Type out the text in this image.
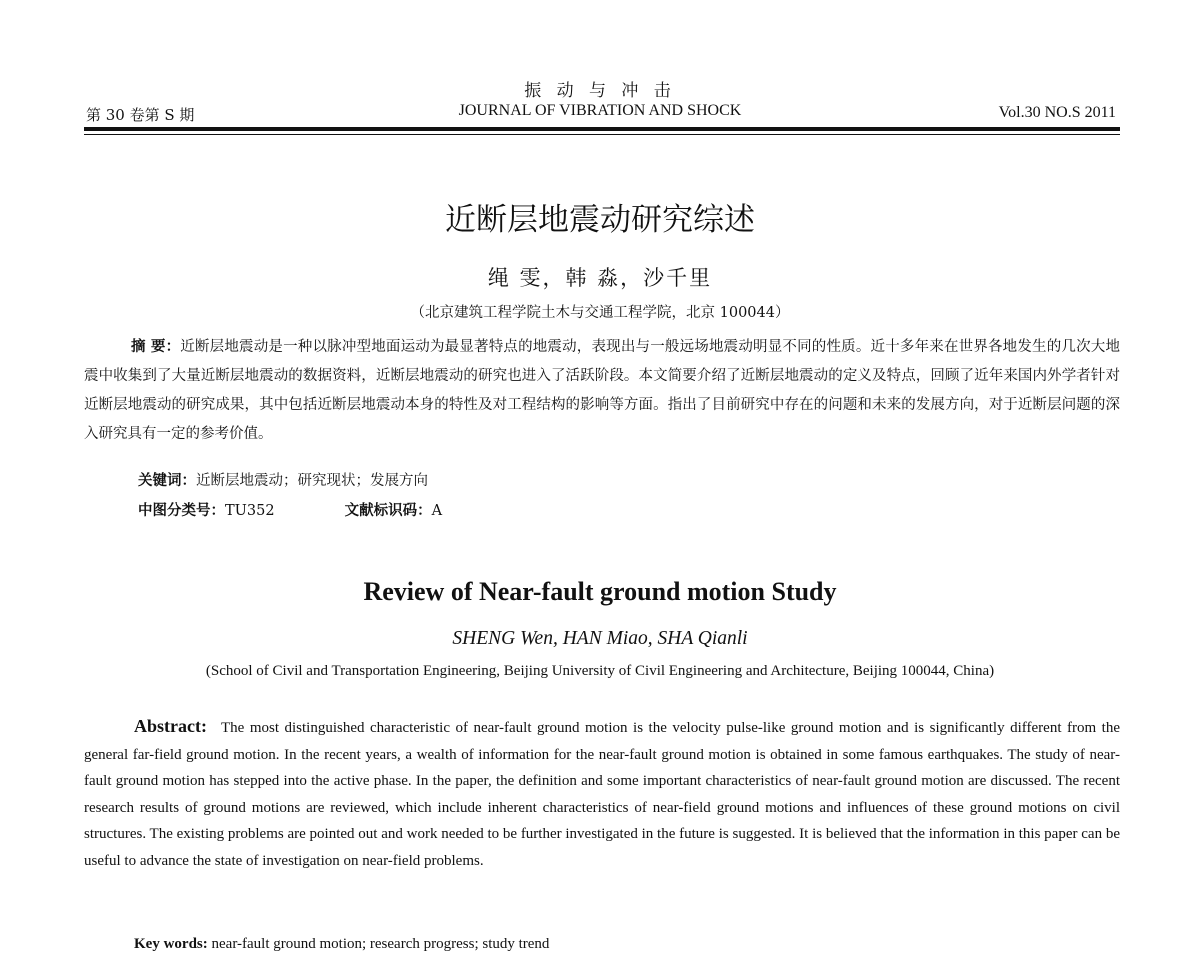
振 动 与 冲 击
第 30 卷第 S 期	JOURNAL OF VIBRATION AND SHOCK	Vol.30 NO.S 2011
近断层地震动研究综述
绳 雯，韩 淼，沙千里
（北京建筑工程学院土木与交通工程学院，北京 100044）
摘 要：近断层地震动是一种以脉冲型地面运动为最显著特点的地震动，表现出与一般远场地震动明显不同的性质。近十多年来在世界各地发生的几次大地震中收集到了大量近断层地震动的数据资料，近断层地震动的研究也进入了活跃阶段。本文简要介绍了近断层地震动的定义及特点，回顾了近年来国内外学者针对近断层地震动的研究成果，其中包括近断层地震动本身的特性及对工程结构的影响等方面。指出了目前研究中存在的问题和未来的发展方向，对于近断层问题的深入研究具有一定的参考价值。
关键词：近断层地震动；研究现状；发展方向
中图分类号：TU352	文献标识码：A
Review of Near-fault ground motion Study
SHENG Wen, HAN Miao, SHA Qianli
(School of Civil and Transportation Engineering, Beijing University of Civil Engineering and Architecture, Beijing 100044, China)
Abstract: The most distinguished characteristic of near-fault ground motion is the velocity pulse-like ground motion and is significantly different from the general far-field ground motion. In the recent years, a wealth of information for the near-fault ground motion is obtained in some famous earthquakes. The study of near-fault ground motion has stepped into the active phase. In the paper, the definition and some important characteristics of near-fault ground motion are discussed. The recent research results of ground motions are reviewed, which include inherent characteristics of near-field ground motions and influences of these ground motions on civil structures. The existing problems are pointed out and work needed to be further investigated in the future is suggested. It is believed that the information in this paper can be useful to advance the state of investigation on near-field problems.
Key words: near-fault ground motion; research progress; study trend
